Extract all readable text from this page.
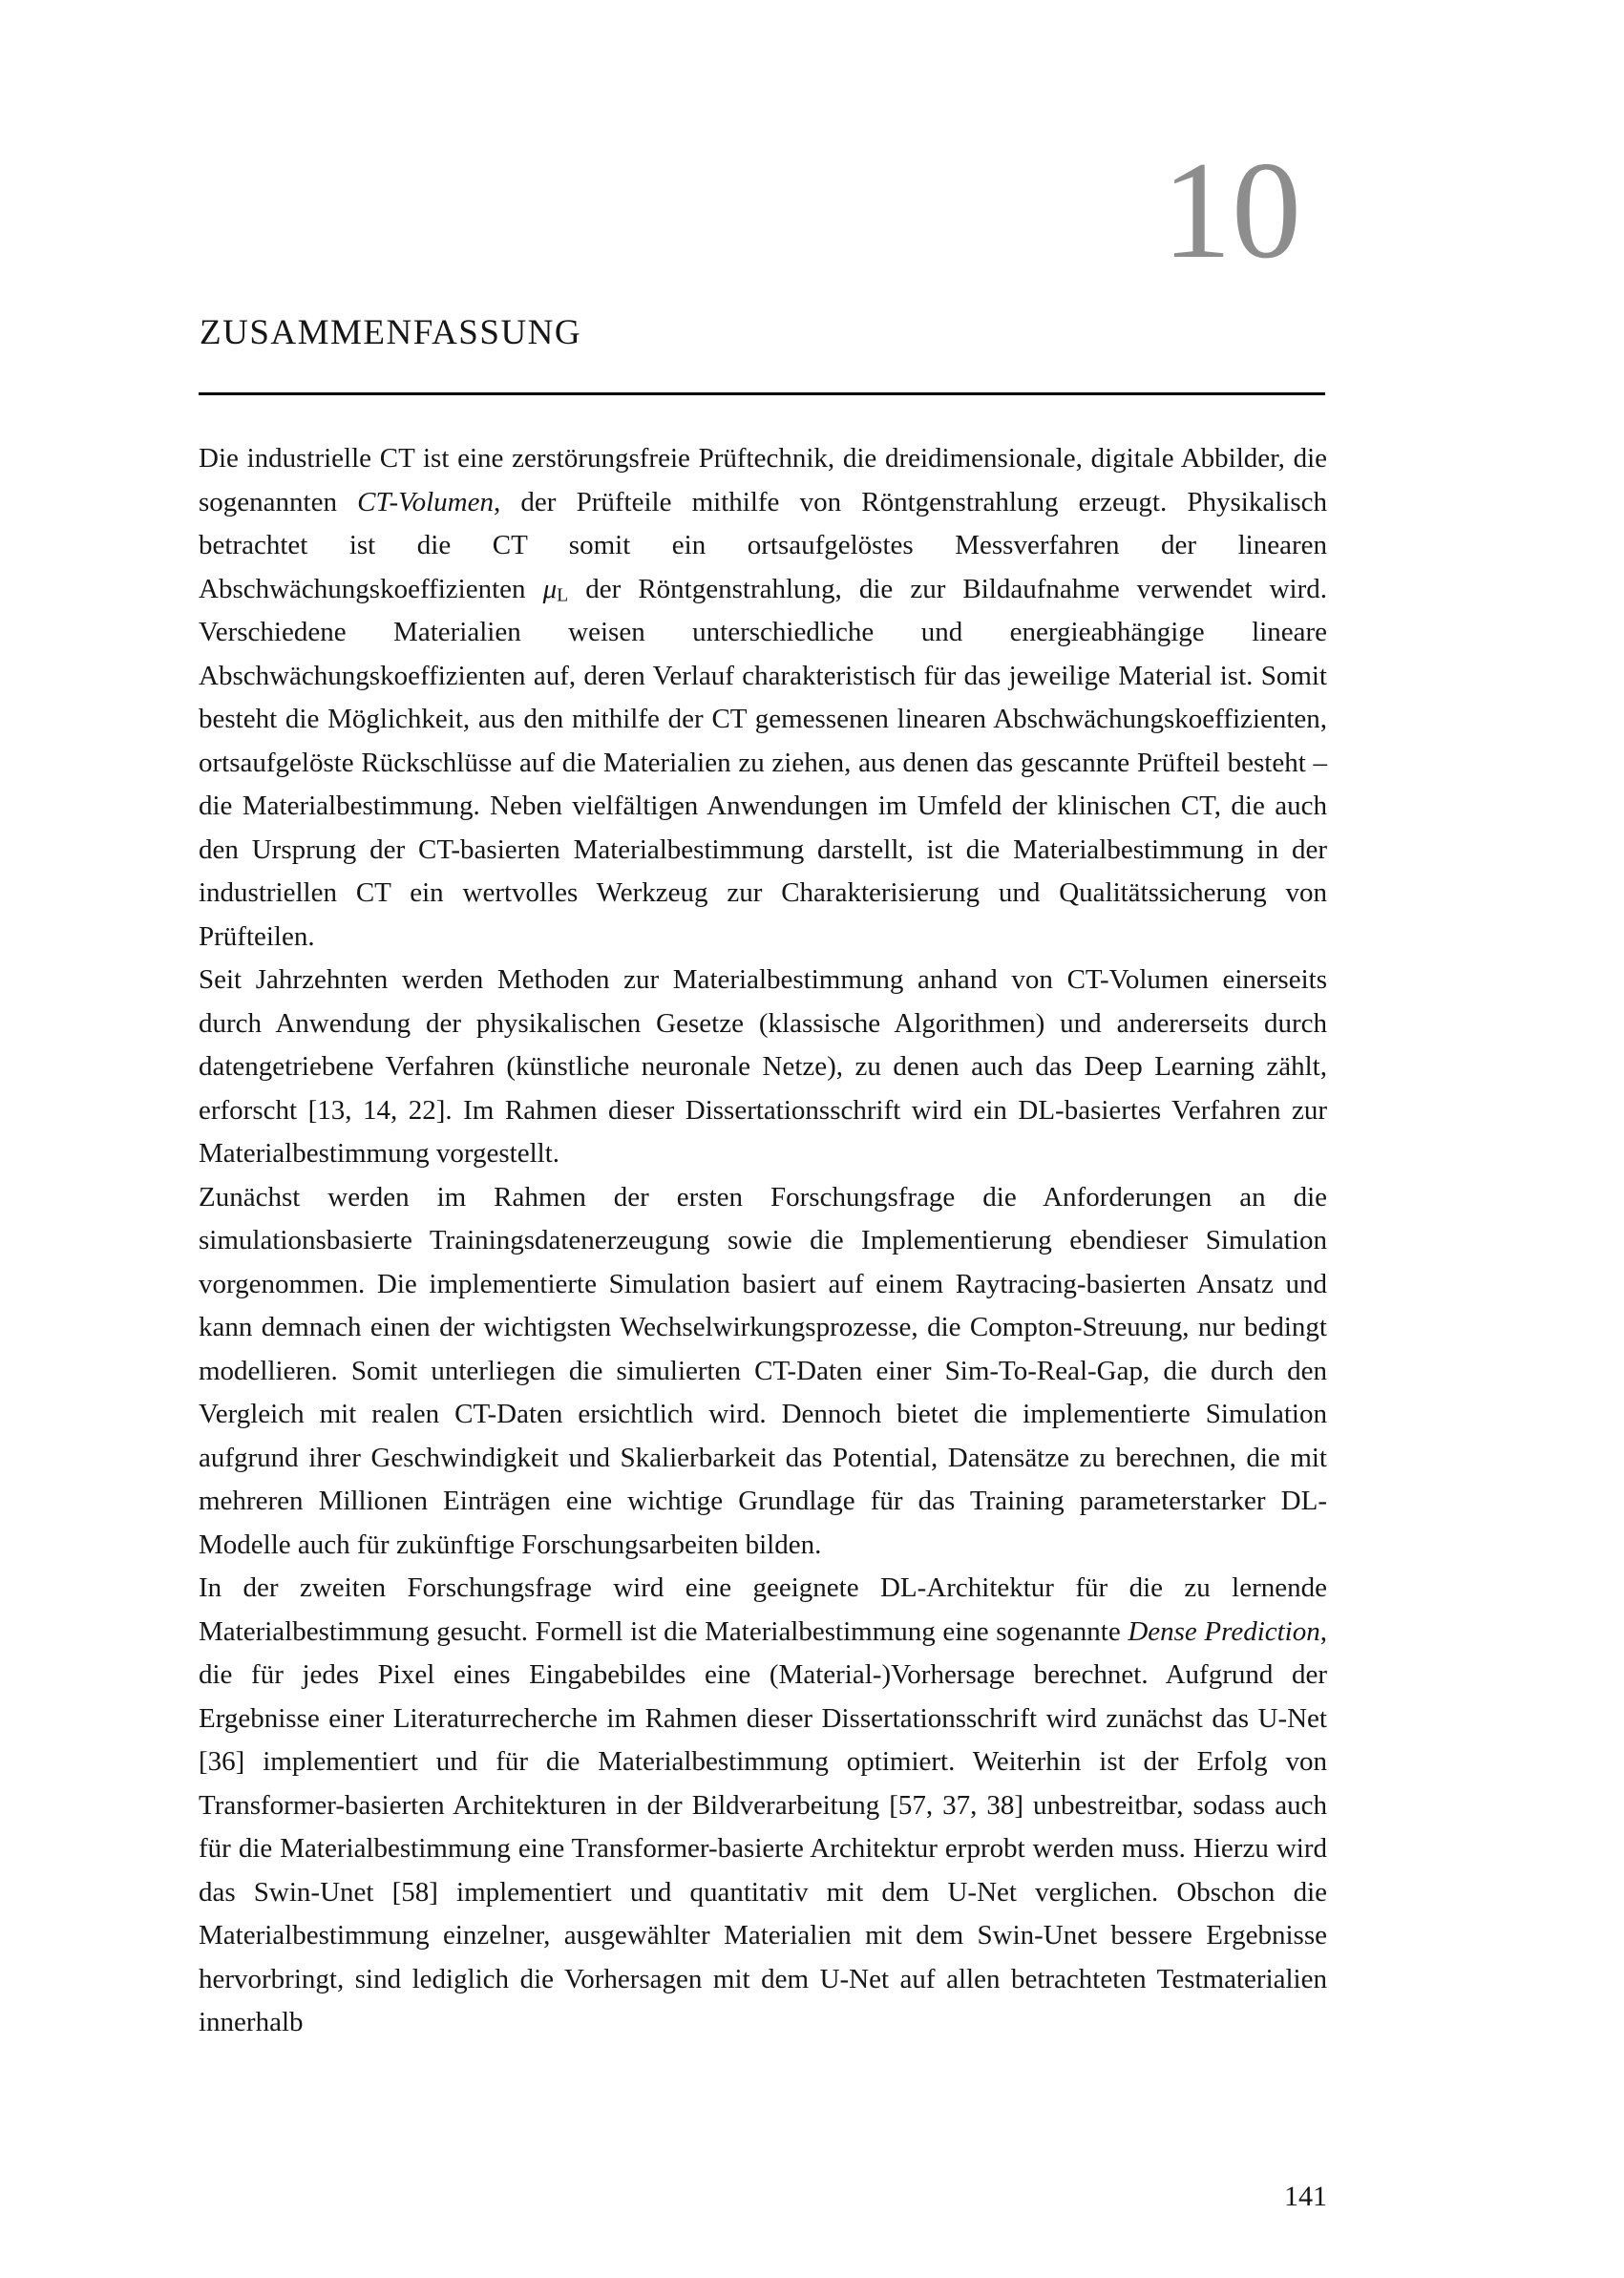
10
ZUSAMMENFASSUNG

Die industrielle CT ist eine zerstörungsfreie Prüftechnik, die dreidimensionale, digitale Abbilder, die sogenannten CT-Volumen, der Prüfteile mithilfe von Röntgenstrahlung erzeugt. Physikalisch betrachtet ist die CT somit ein ortsaufgelöstes Messverfahren der linearen Abschwächungskoeffizienten $\mu_L$ der Röntgenstrahlung, die zur Bildaufnahme verwendet wird. Verschiedene Materialien weisen unterschiedliche und energieabhängige lineare Abschwächungskoeffizienten auf, deren Verlauf charakteristisch für das jeweilige Material ist. Somit besteht die Möglichkeit, aus den mithilfe der CT gemessenen linearen Abschwächungskoeffizienten, ortsaufgelöste Rückschlüsse auf die Materialien zu ziehen, aus denen das gescannte Prüfteil besteht – die Materialbestimmung. Neben vielfältigen Anwendungen im Umfeld der klinischen CT, die auch den Ursprung der CT-basierten Materialbestimmung darstellt, ist die Materialbestimmung in der industriellen CT ein wertvolles Werkzeug zur Charakterisierung und Qualitätssicherung von Prüfteilen.

Seit Jahrzehnten werden Methoden zur Materialbestimmung anhand von CT-Volumen einerseits durch Anwendung der physikalischen Gesetze (klassische Algorithmen) und andererseits durch datengetriebene Verfahren (künstliche neuronale Netze), zu denen auch das Deep Learning zählt, erforscht [13, 14, 22]. Im Rahmen dieser Dissertationsschrift wird ein DL-basiertes Verfahren zur Materialbestimmung vorgestellt.

Zunächst werden im Rahmen der ersten Forschungsfrage die Anforderungen an die simulationsbasierte Trainingsdatenerzeugung sowie die Implementierung ebendieser Simulation vorgenommen. Die implementierte Simulation basiert auf einem Raytracing-basierten Ansatz und kann demnach einen der wichtigsten Wechselwirkungsprozesse, die Compton-Streuung, nur bedingt modellieren. Somit unterliegen die simulierten CT-Daten einer Sim-To-Real-Gap, die durch den Vergleich mit realen CT-Daten ersichtlich wird. Dennoch bietet die implementierte Simulation aufgrund ihrer Geschwindigkeit und Skalierbarkeit das Potential, Datensätze zu berechnen, die mit mehreren Millionen Einträgen eine wichtige Grundlage für das Training parameterstarker DL-Modelle auch für zukünftige Forschungsarbeiten bilden.

In der zweiten Forschungsfrage wird eine geeignete DL-Architektur für die zu lernende Materialbestimmung gesucht. Formell ist die Materialbestimmung eine sogenannte Dense Prediction, die für jedes Pixel eines Eingabebildes eine (Material-)Vorhersage berechnet. Aufgrund der Ergebnisse einer Literaturrecherche im Rahmen dieser Dissertationsschrift wird zunächst das U-Net [36] implementiert und für die Materialbestimmung optimiert. Weiterhin ist der Erfolg von Transformer-basierten Architekturen in der Bildverarbeitung [57, 37, 38] unbestreitbar, sodass auch für die Materialbestimmung eine Transformer-basierte Architektur erprobt werden muss. Hierzu wird das Swin-Unet [58] implementiert und quantitativ mit dem U-Net verglichen. Obschon die Materialbestimmung einzelner, ausgewählter Materialien mit dem Swin-Unet bessere Ergebnisse hervorbringt, sind lediglich die Vorhersagen mit dem U-Net auf allen betrachteten Testmaterialien innerhalb

141
